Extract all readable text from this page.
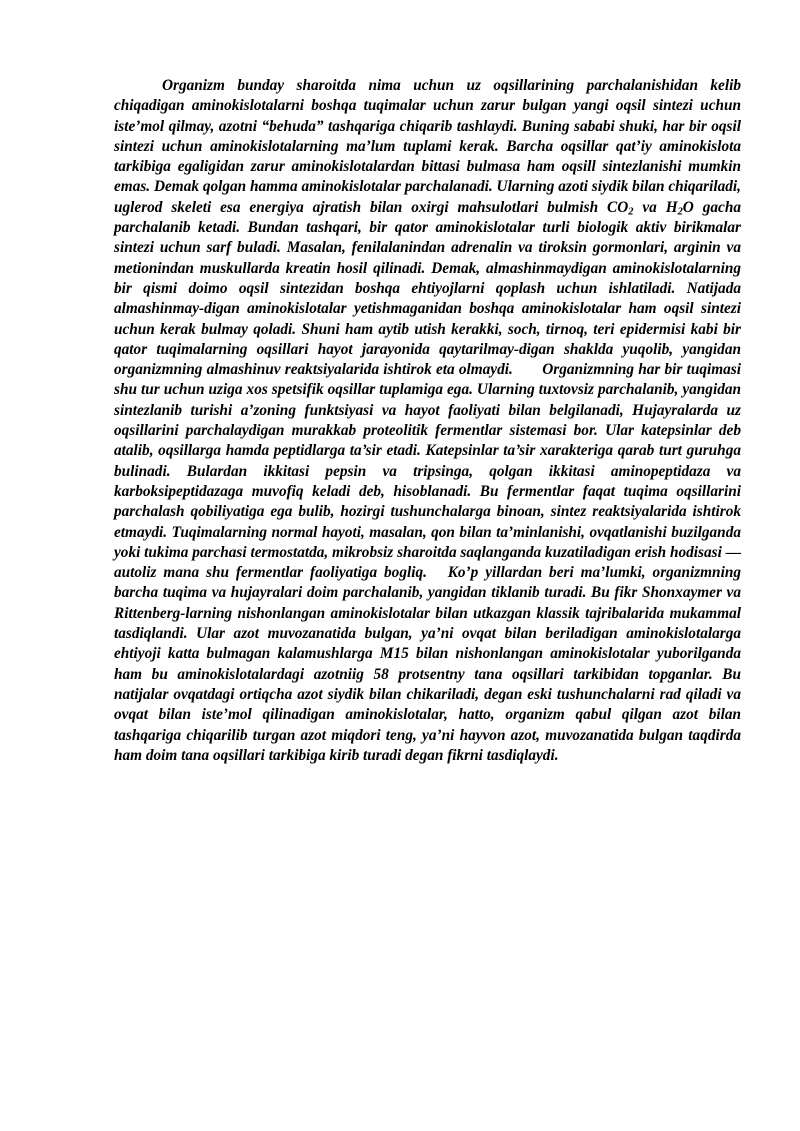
Organizm bunday sharoitda nima uchun uz oqsillarining parchalanishidan kelib chiqadigan aminokislotalarni boshqa tuqimalar uchun zarur bulgan yangi oqsil sintezi uchun iste’mol qilmay, azotni “behuda” tashqariga chiqarib tashlaydi. Buning sababi shuki, har bir oqsil sintezi uchun aminokislotalarning ma’lum tuplami kerak. Barcha oqsillar qat’iy aminokislota tarkibiga egaligidan zarur aminokislotalardan bittasi bulmasa ham oqsill sintezlanishi mumkin emas. Demak qolgan hamma aminokislotalar parchalanadi. Ularning azoti siydik bilan chiqariladi, uglerod skeleti esa energiya ajratish bilan oxirgi mahsulotlari bulmish $CO_2$ va $H_2O$ gacha parchalanib ketadi. Bundan tashqari, bir qator aminokislotalar turli biologik aktiv birikmalar sintezi uchun sarf buladi. Masalan, fenilalanindan adrenalin va tiroksin gormonlari, arginin va metionindan muskullarda kreatin hosil qilinadi. Demak, almashinmaydigan aminokislotalarning bir qismi doimo oqsil sintezidan boshqa ehtiyojlarni qoplash uchun ishlatiladi. Natijada almashinmay-digan aminokislotalar yetishmaganidan boshqa aminokislotalar ham oqsil sintezi uchun kerak bulmay qoladi. Shuni ham aytib utish kerakki, soch, tirnoq, teri epidermisi kabi bir qator tuqimalarning oqsillari hayot jarayonida qaytarilmay-digan shaklda yuqolib, yangidan organizmning almashinuv reaktsiyalarida ishtirok eta olmaydi. Organizmning har bir tuqimasi shu tur uchun uziga xos spetsifik oqsillar tuplamiga ega. Ularning tuxtovsiz parchalanib, yangidan sintezlanib turishi a’zoning funktsiyasi va hayot faoliyati bilan belgilanadi, Hujayralarda uz oqsillarini parchalaydigan murakkab proteolitik fermentlar sistemasi bor. Ular katepsinlar deb atalib, oqsillarga hamda peptidlarga ta’sir etadi. Katepsinlar ta’sir xarakteriga qarab turt guruhga bulinadi. Bulardan ikkitasi pepsin va tripsinga, qolgan ikkitasi aminopeptidaza va karboksipeptidazaga muvofiq keladi deb, hisoblanadi. Bu fermentlar faqat tuqima oqsillarini parchalash qobiliyatiga ega bulib, hozirgi tushunchalarga binoan, sintez reaktsiyalarida ishtirok etmaydi. Tuqimalarning normal hayoti, masalan, qon bilan ta’minlanishi, ovqatlanishi buzilganda yoki tukima parchasi termostatda, mikrobsiz sharoitda saqlanganda kuzatiladigan erish hodisasi — autoliz mana shu fermentlar faoliyatiga bogliq. Ko’p yillardan beri ma’lumki, organizmning barcha tuqima va hujayralari doim parchalanib, yangidan tiklanib turadi. Bu fikr Shonxaymer va Rittenberg-larning nishonlangan aminokislotalar bilan utkazgan klassik tajribalarida mukammal tasdiqlandi. Ular azot muvozanatida bulgan, ya’ni ovqat bilan beriladigan aminokislotalarga ehtiyoji katta bulmagan kalamushlarga M15 bilan nishonlangan aminokislotalar yuborilganda ham bu aminokislotalardagi azotniig 58 protsentny tana oqsillari tarkibidan topganlar. Bu natijalar ovqatdagi ortiqcha azot siydik bilan chikariladi, degan eski tushunchalarni rad qiladi va ovqat bilan iste’mol qilinadigan aminokislotalar, hatto, organizm qabul qilgan azot bilan tashqariga chiqarilib turgan azot miqdori teng, ya’ni hayvon azot, muvozanatida bulgan taqdirda ham doim tana oqsillari tarkibiga kirib turadi degan fikrni tasdiqlaydi.
